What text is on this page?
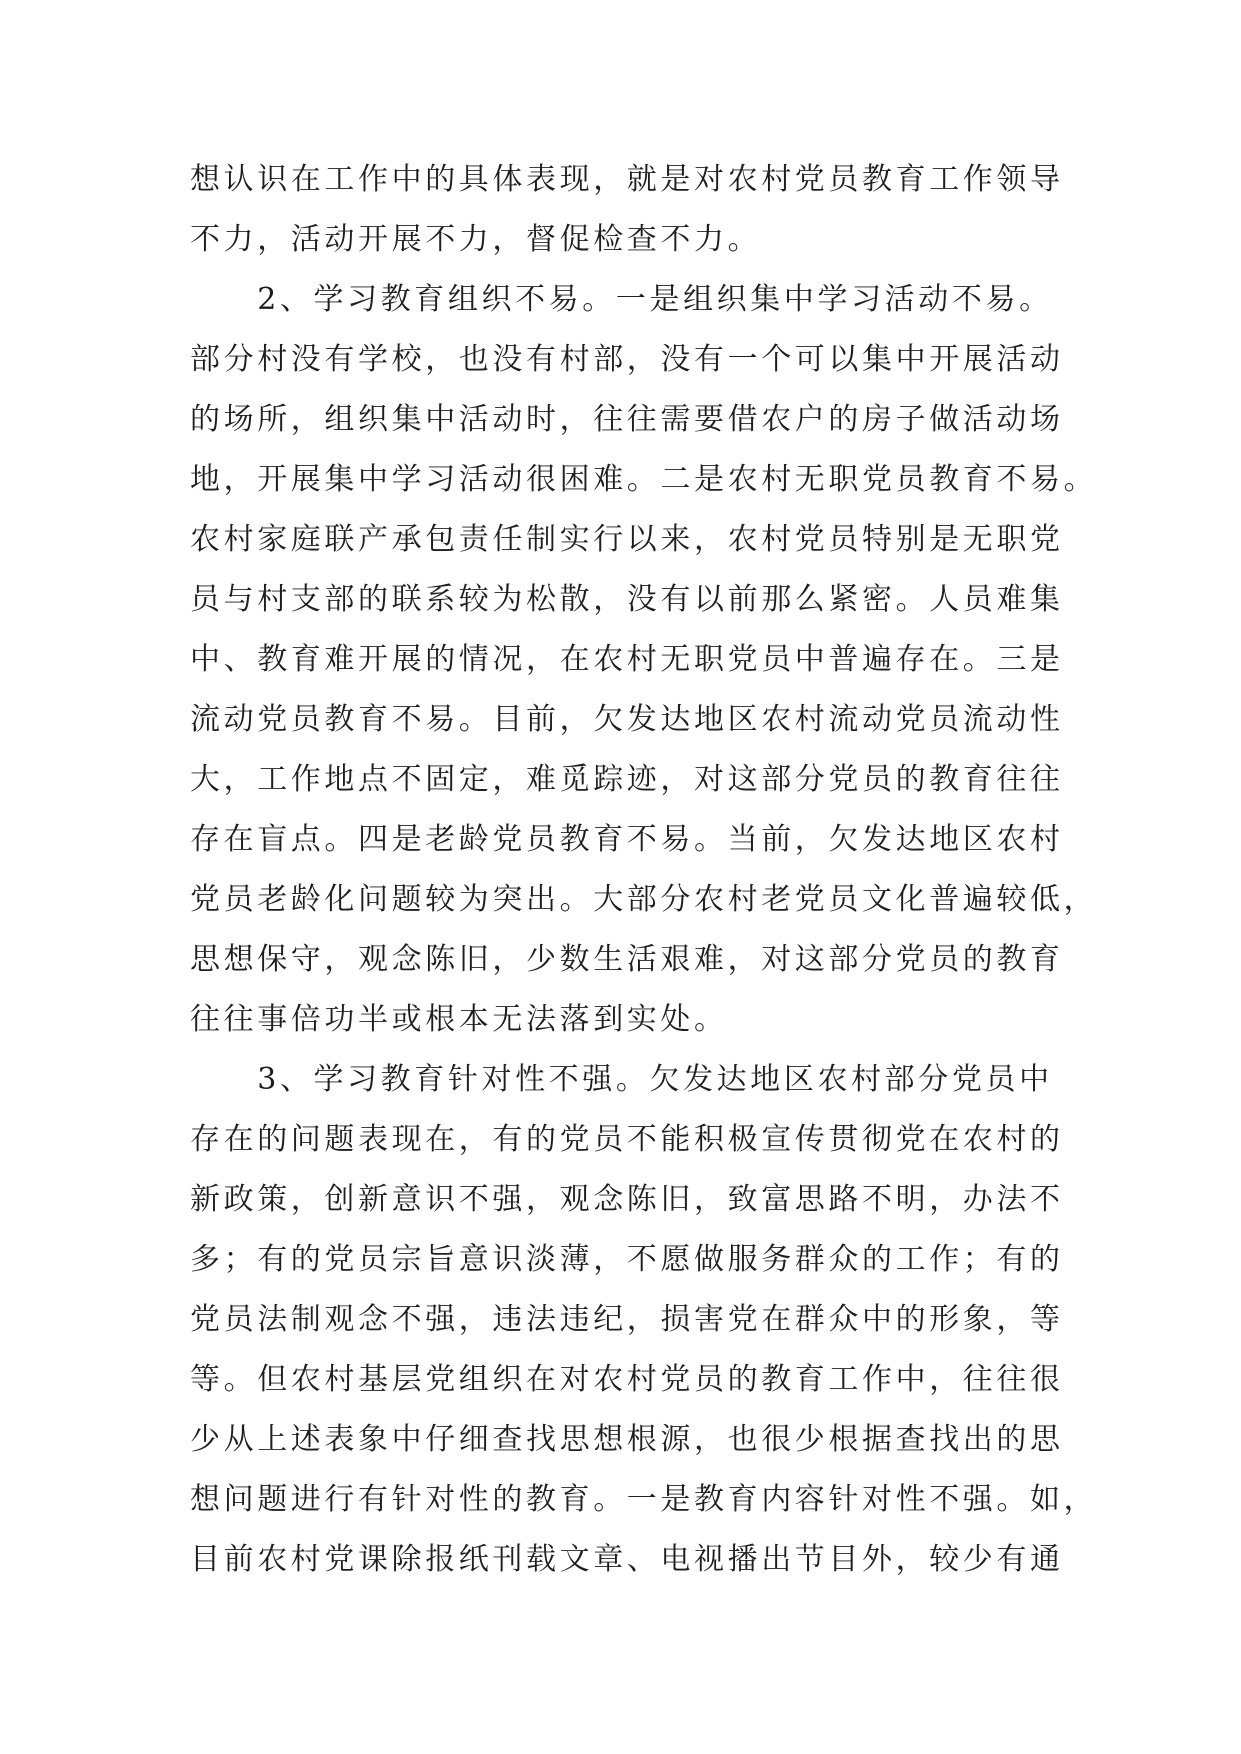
想认识在工作中的具体表现，就是对农村党员教育工作领导
不力，活动开展不力，督促检查不力。
　　2、学习教育组织不易。一是组织集中学习活动不易。
部分村没有学校，也没有村部，没有一个可以集中开展活动
的场所，组织集中活动时，往往需要借农户的房子做活动场
地，开展集中学习活动很困难。二是农村无职党员教育不易。
农村家庭联产承包责任制实行以来，农村党员特别是无职党
员与村支部的联系较为松散，没有以前那么紧密。人员难集
中、教育难开展的情况，在农村无职党员中普遍存在。三是
流动党员教育不易。目前，欠发达地区农村流动党员流动性
大，工作地点不固定，难觅踪迹，对这部分党员的教育往往
存在盲点。四是老龄党员教育不易。当前，欠发达地区农村
党员老龄化问题较为突出。大部分农村老党员文化普遍较低，
思想保守，观念陈旧，少数生活艰难，对这部分党员的教育
往往事倍功半或根本无法落到实处。
　　3、学习教育针对性不强。欠发达地区农村部分党员中
存在的问题表现在，有的党员不能积极宣传贯彻党在农村的
新政策，创新意识不强，观念陈旧，致富思路不明，办法不
多；有的党员宗旨意识淡薄，不愿做服务群众的工作；有的
党员法制观念不强，违法违纪，损害党在群众中的形象，等
等。但农村基层党组织在对农村党员的教育工作中，往往很
少从上述表象中仔细查找思想根源，也很少根据查找出的思
想问题进行有针对性的教育。一是教育内容针对性不强。如，
目前农村党课除报纸刊载文章、电视播出节目外，较少有通
